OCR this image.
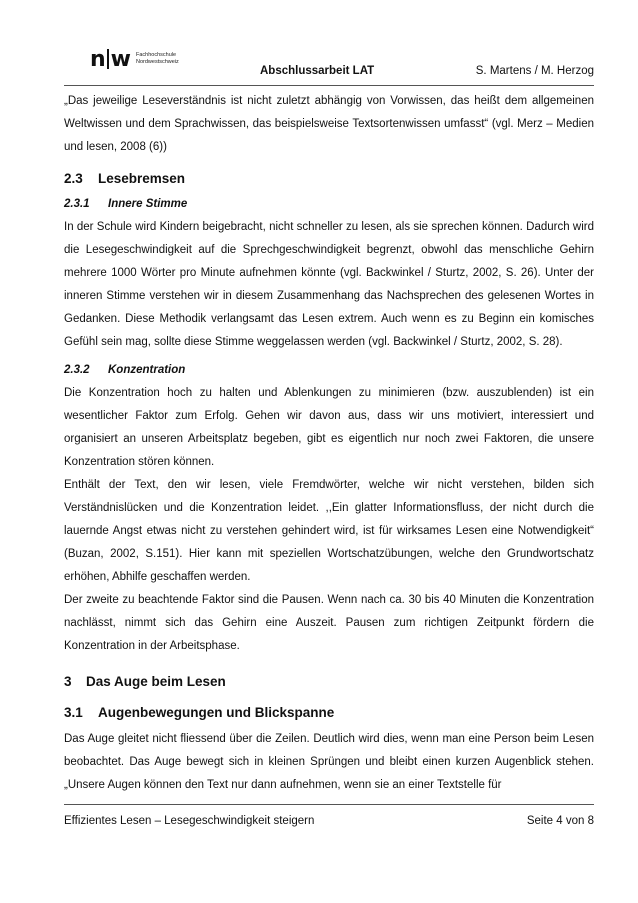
n w Fachhochschule
Nordwestschweiz
Abschlussarbeit LAT	S. Martens / M. Herzog

„Das jeweilige Leseverständnis ist nicht zuletzt abhängig von Vorwissen, das heißt dem allgemeinen Weltwissen und dem Sprachwissen, das beispielsweise Textsortenwissen umfasst“ (vgl. Merz – Medien und lesen, 2008 (6))

2.3 Lesebremsen
2.3.1 Innere Stimme

In der Schule wird Kindern beigebracht, nicht schneller zu lesen, als sie sprechen können. Dadurch wird die Lesegeschwindigkeit auf die Sprechgeschwindigkeit begrenzt, obwohl das menschliche Gehirn mehrere 1000 Wörter pro Minute aufnehmen könnte (vgl. Backwinkel / Sturtz, 2002, S. 26). Unter der inneren Stimme verstehen wir in diesem Zusammenhang das Nachsprechen des gelesenen Wortes in Gedanken. Diese Methodik verlangsamt das Lesen extrem. Auch wenn es zu Beginn ein komisches Gefühl sein mag, sollte diese Stimme weggelassen werden (vgl. Backwinkel / Sturtz, 2002, S. 28).

2.3.2 Konzentration

Die Konzentration hoch zu halten und Ablenkungen zu minimieren (bzw. auszublenden) ist ein wesentlicher Faktor zum Erfolg. Gehen wir davon aus, dass wir uns motiviert, interessiert und organisiert an unseren Arbeitsplatz begeben, gibt es eigentlich nur noch zwei Faktoren, die unsere Konzentration stören können.

Enthält der Text, den wir lesen, viele Fremdwörter, welche wir nicht verstehen, bilden sich Verständnislücken und die Konzentration leidet. ,,Ein glatter Informationsfluss, der nicht durch die lauernde Angst etwas nicht zu verstehen gehindert wird, ist für wirksames Lesen eine Notwendigkeit“ (Buzan, 2002, S.151). Hier kann mit speziellen Wortschatzübungen, welche den Grundwortschatz erhöhen, Abhilfe geschaffen werden.

Der zweite zu beachtende Faktor sind die Pausen. Wenn nach ca. 30 bis 40 Minuten die Konzentration nachlässt, nimmt sich das Gehirn eine Auszeit. Pausen zum richtigen Zeitpunkt fördern die Konzentration in der Arbeitsphase.

3 Das Auge beim Lesen
3.1 Augenbewegungen und Blickspanne

Das Auge gleitet nicht fliessend über die Zeilen. Deutlich wird dies, wenn man eine Person beim Lesen beobachtet. Das Auge bewegt sich in kleinen Sprüngen und bleibt einen kurzen Augenblick stehen. „Unsere Augen können den Text nur dann aufnehmen, wenn sie an einer Textstelle für

Effizientes Lesen – Lesegeschwindigkeit steigern	Seite 4 von 8
